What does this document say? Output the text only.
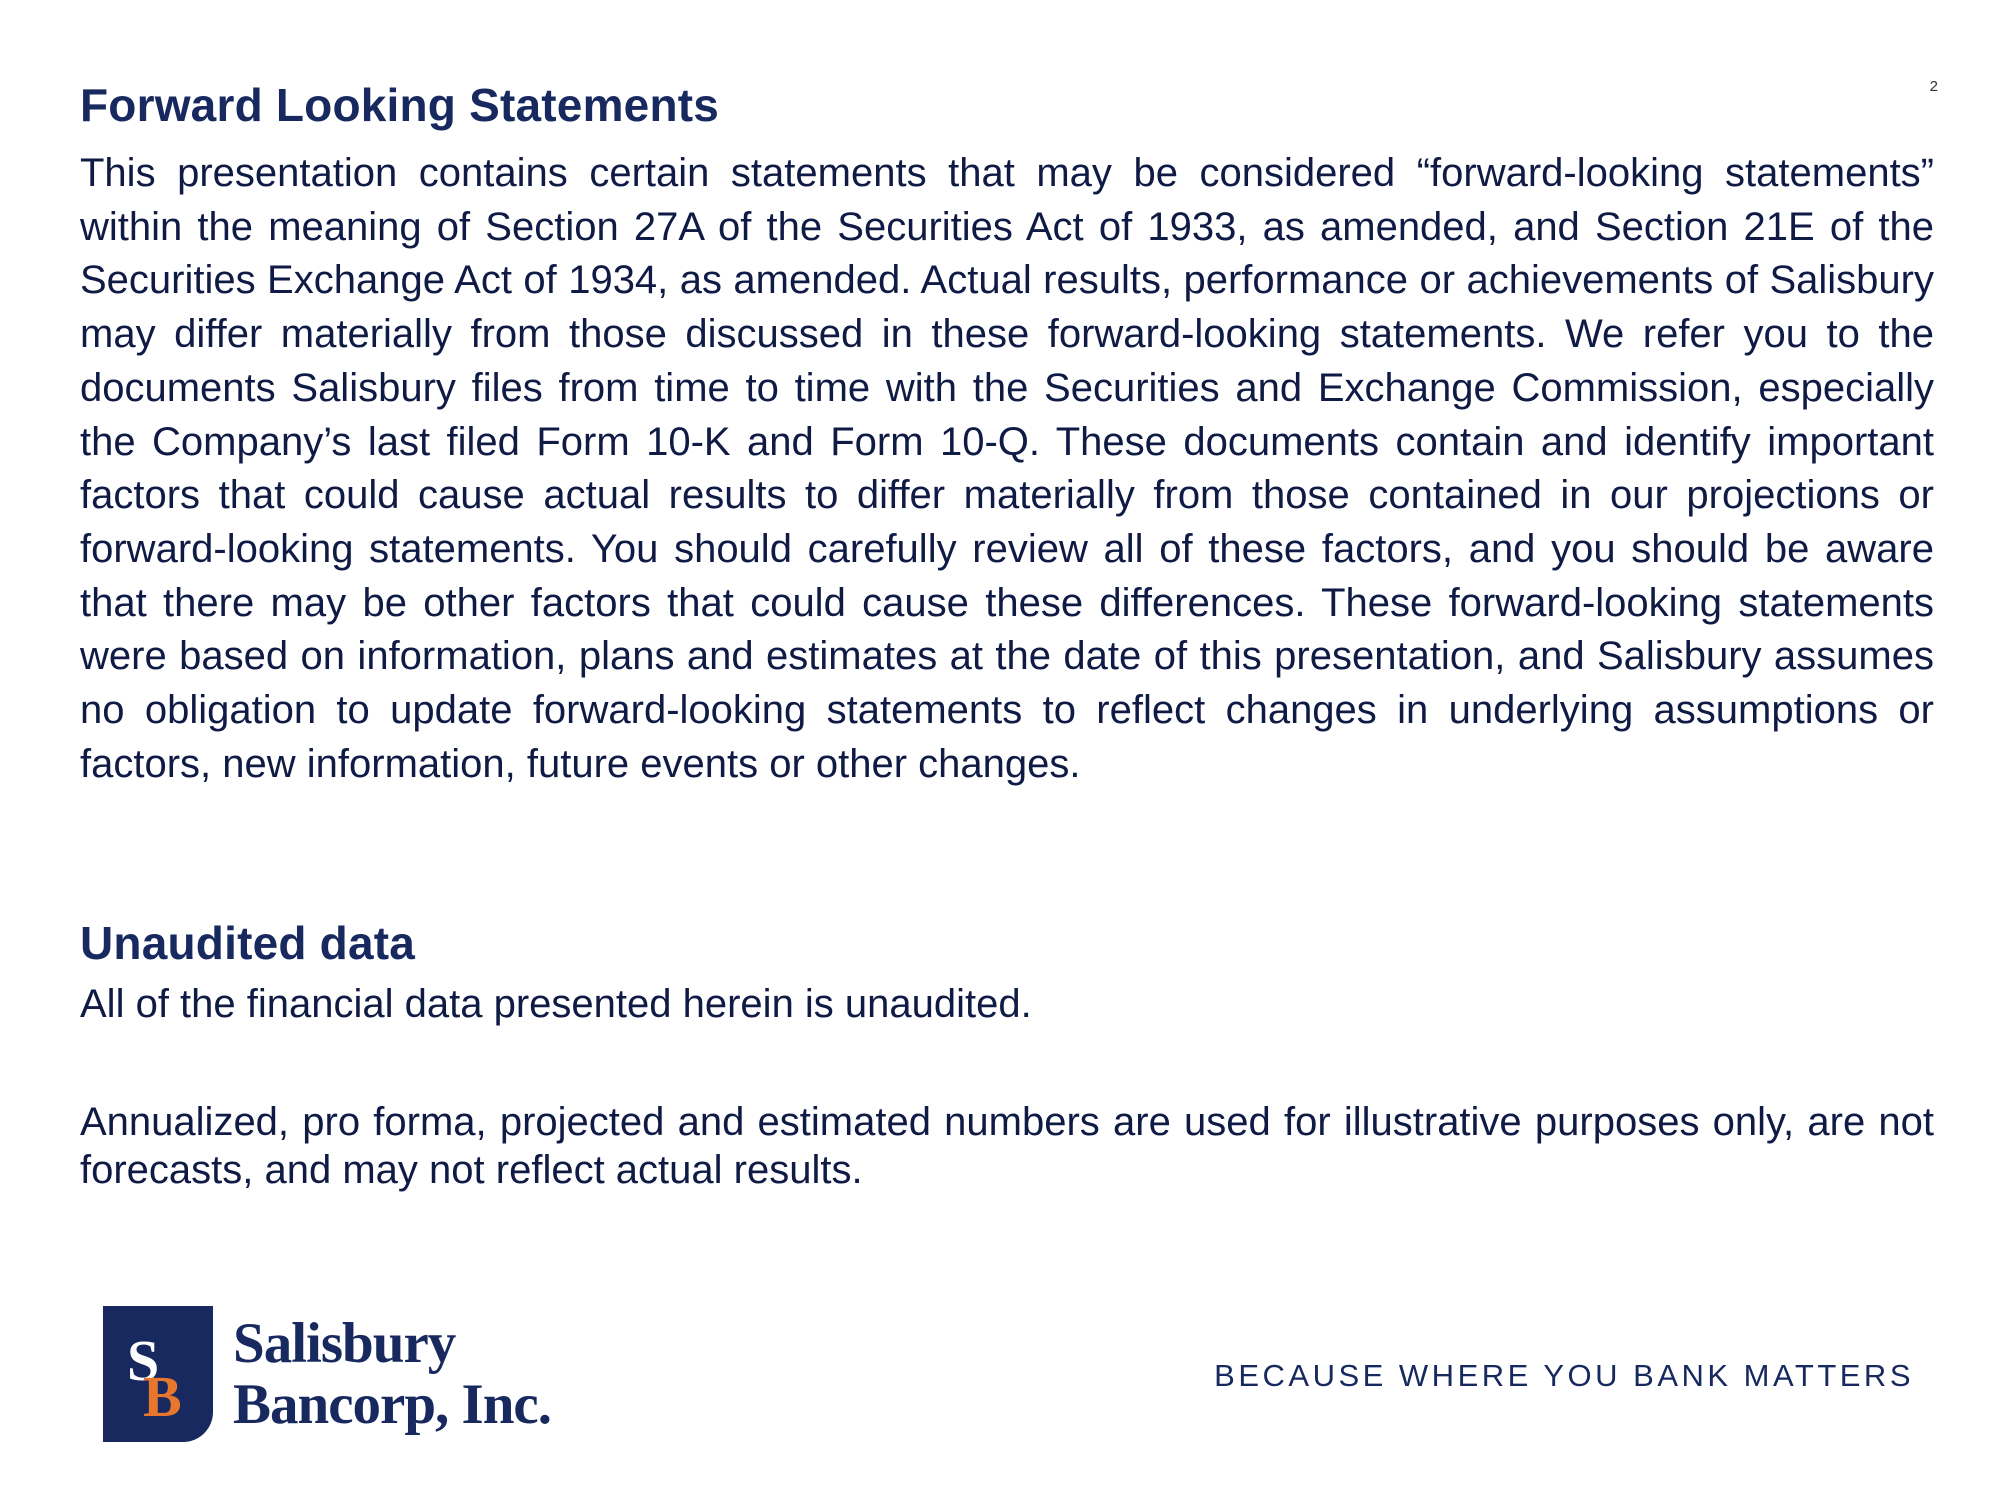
2
Forward Looking Statements

This presentation contains certain statements that may be considered “forward-looking statements” within the meaning of Section 27A of the Securities Act of 1933, as amended, and Section 21E of the Securities Exchange Act of 1934, as amended. Actual results, performance or achievements of Salisbury may differ materially from those discussed in these forward-looking statements. We refer you to the documents Salisbury files from time to time with the Securities and Exchange Commission, especially the Company’s last filed Form 10-K and Form 10-Q. These documents contain and identify important factors that could cause actual results to differ materially from those contained in our projections or forward-looking statements. You should carefully review all of these factors, and you should be aware that there may be other factors that could cause these differences. These forward-looking statements were based on information, plans and estimates at the date of this presentation, and Salisbury assumes no obligation to update forward-looking statements to reflect changes in underlying assumptions or factors, new information, future events or other changes.

Unaudited data

All of the financial data presented herein is unaudited.

Annualized, pro forma, projected and estimated numbers are used for illustrative purposes only, are not forecasts, and may not reflect actual results.

S
B
Salisbury
Bancorp, Inc.	BECAUSE WHERE YOU BANK MATTERS
